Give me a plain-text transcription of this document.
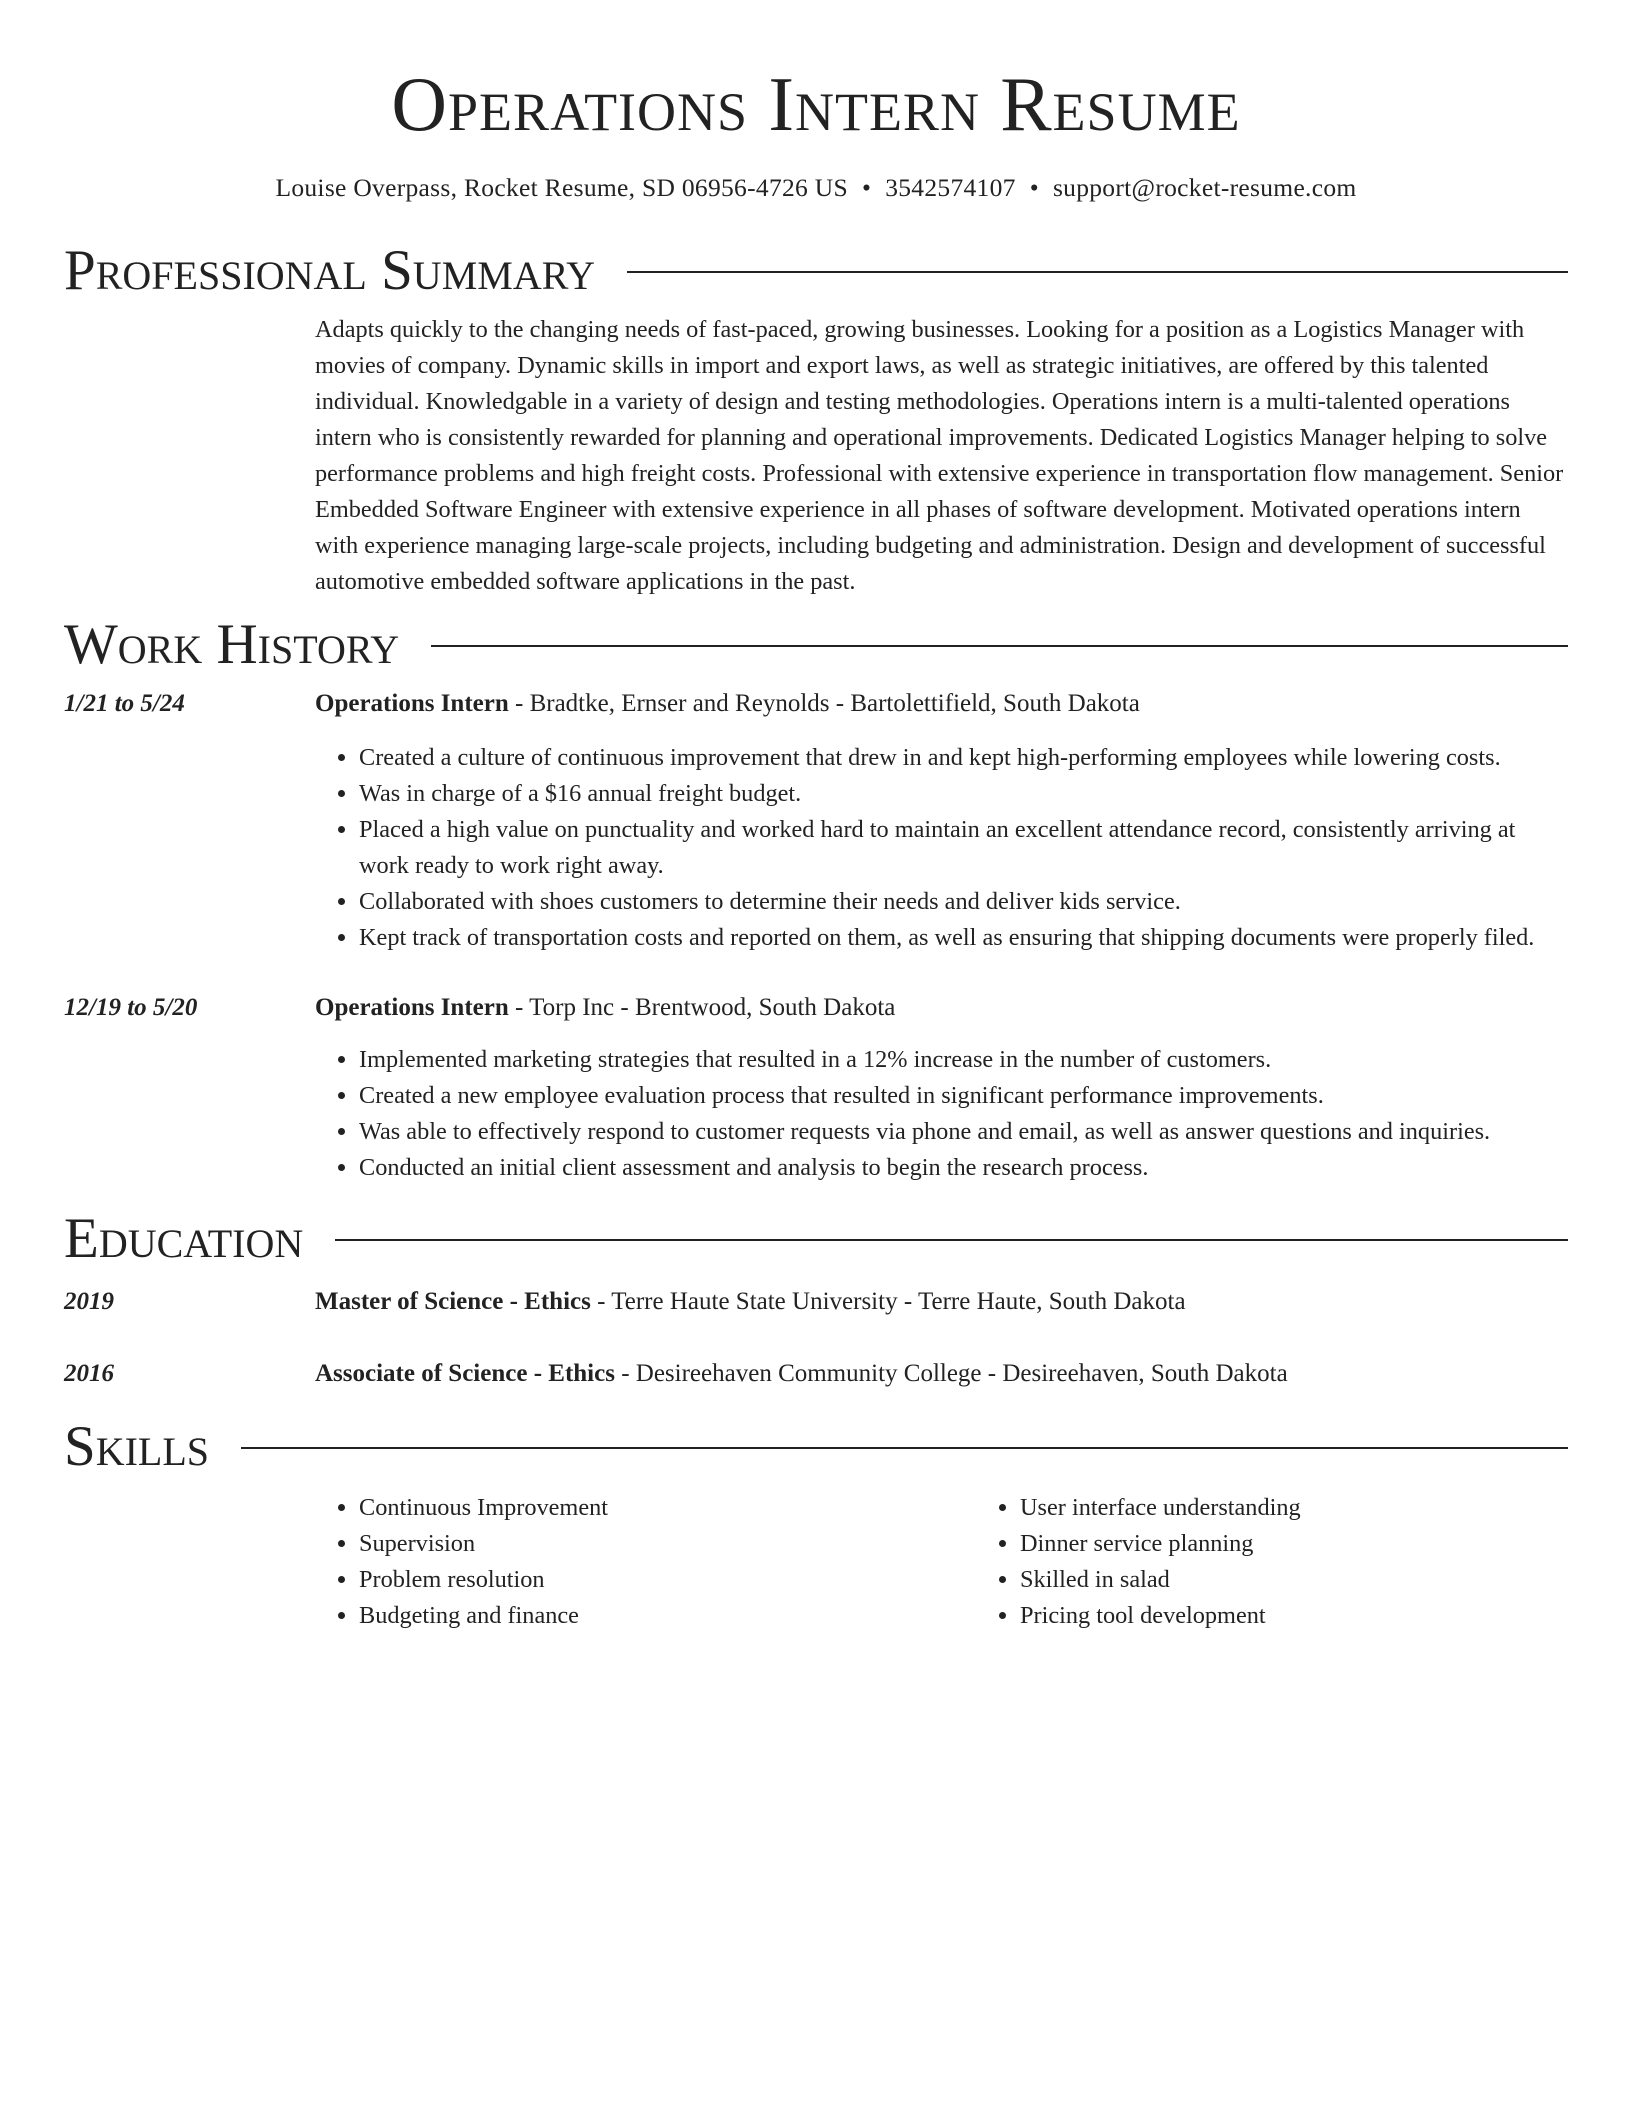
Operations Intern Resume
Louise Overpass, Rocket Resume, SD 06956-4726 US • 3542574107 • support@rocket-resume.com
Professional Summary

Adapts quickly to the changing needs of fast-paced, growing businesses. Looking for a position as a Logistics Manager with movies of company. Dynamic skills in import and export laws, as well as strategic initiatives, are offered by this talented individual. Knowledgable in a variety of design and testing methodologies. Operations intern is a multi-talented operations intern who is consistently rewarded for planning and operational improvements. Dedicated Logistics Manager helping to solve performance problems and high freight costs. Professional with extensive experience in transportation flow management. Senior Embedded Software Engineer with extensive experience in all phases of software development. Motivated operations intern with experience managing large-scale projects, including budgeting and administration. Design and development of successful automotive embedded software applications in the past.

Work History
1/21 to 5/24	Operations Intern - Bradtke, Ernser and Reynolds - Bartolettifield, South Dakota
• Created a culture of continuous improvement that drew in and kept high-performing employees while lowering costs.
• Was in charge of a $16 annual freight budget.
• Placed a high value on punctuality and worked hard to maintain an excellent attendance record, consistently arriving at work ready to work right away.
• Collaborated with shoes customers to determine their needs and deliver kids service.
• Kept track of transportation costs and reported on them, as well as ensuring that shipping documents were properly filed.
12/19 to 5/20	Operations Intern - Torp Inc - Brentwood, South Dakota
• Implemented marketing strategies that resulted in a 12% increase in the number of customers.
• Created a new employee evaluation process that resulted in significant performance improvements.
• Was able to effectively respond to customer requests via phone and email, as well as answer questions and inquiries.
• Conducted an initial client assessment and analysis to begin the research process.
Education
2019	Master of Science - Ethics - Terre Haute State University - Terre Haute, South Dakota
2016	Associate of Science - Ethics - Desireehaven Community College - Desireehaven, South Dakota
Skills
• Continuous Improvement
• Supervision
• Problem resolution
• Budgeting and finance
• User interface understanding
• Dinner service planning
• Skilled in salad
• Pricing tool development
